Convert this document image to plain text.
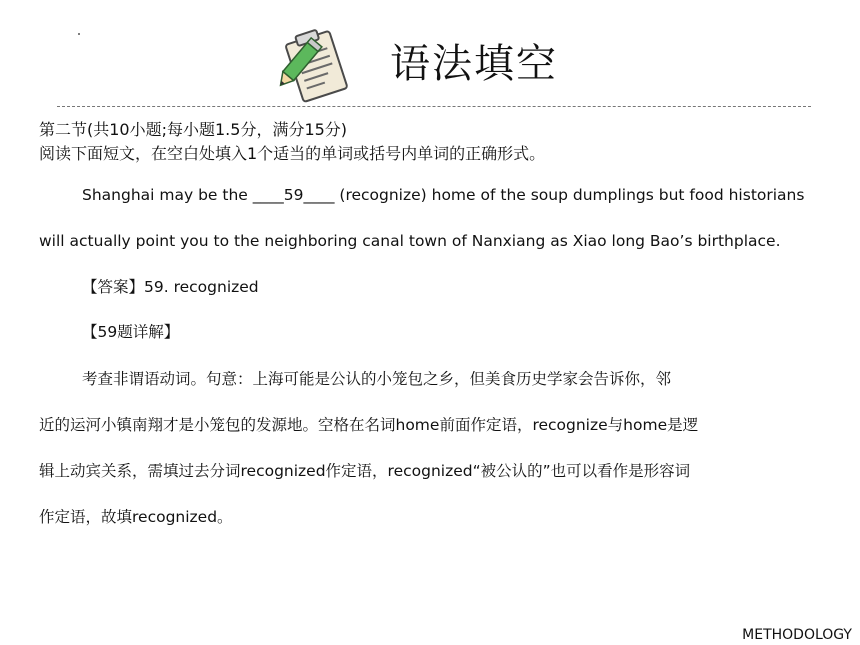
语法填空
第二节(共10小题;每小题1.5分，满分15分)
阅读下面短文，在空白处填入1个适当的单词或括号内单词的正确形式。
Shanghai may be the ____59____ (recognize) home of the soup dumplings but food historians
will actually point you to the neighboring canal town of Nanxiang as Xiao long Bao’s birthplace.
【答案】59. recognized
【59题详解】
考查非谓语动词。句意：上海可能是公认的小笼包之乡，但美食历史学家会告诉你，邻
近的运河小镇南翔才是小笼包的发源地。空格在名词home前面作定语，recognize与home是逻
辑上动宾关系，需填过去分词recognized作定语，recognized“被公认的”也可以看作是形容词
作定语，故填recognized。
METHODOLOGY
